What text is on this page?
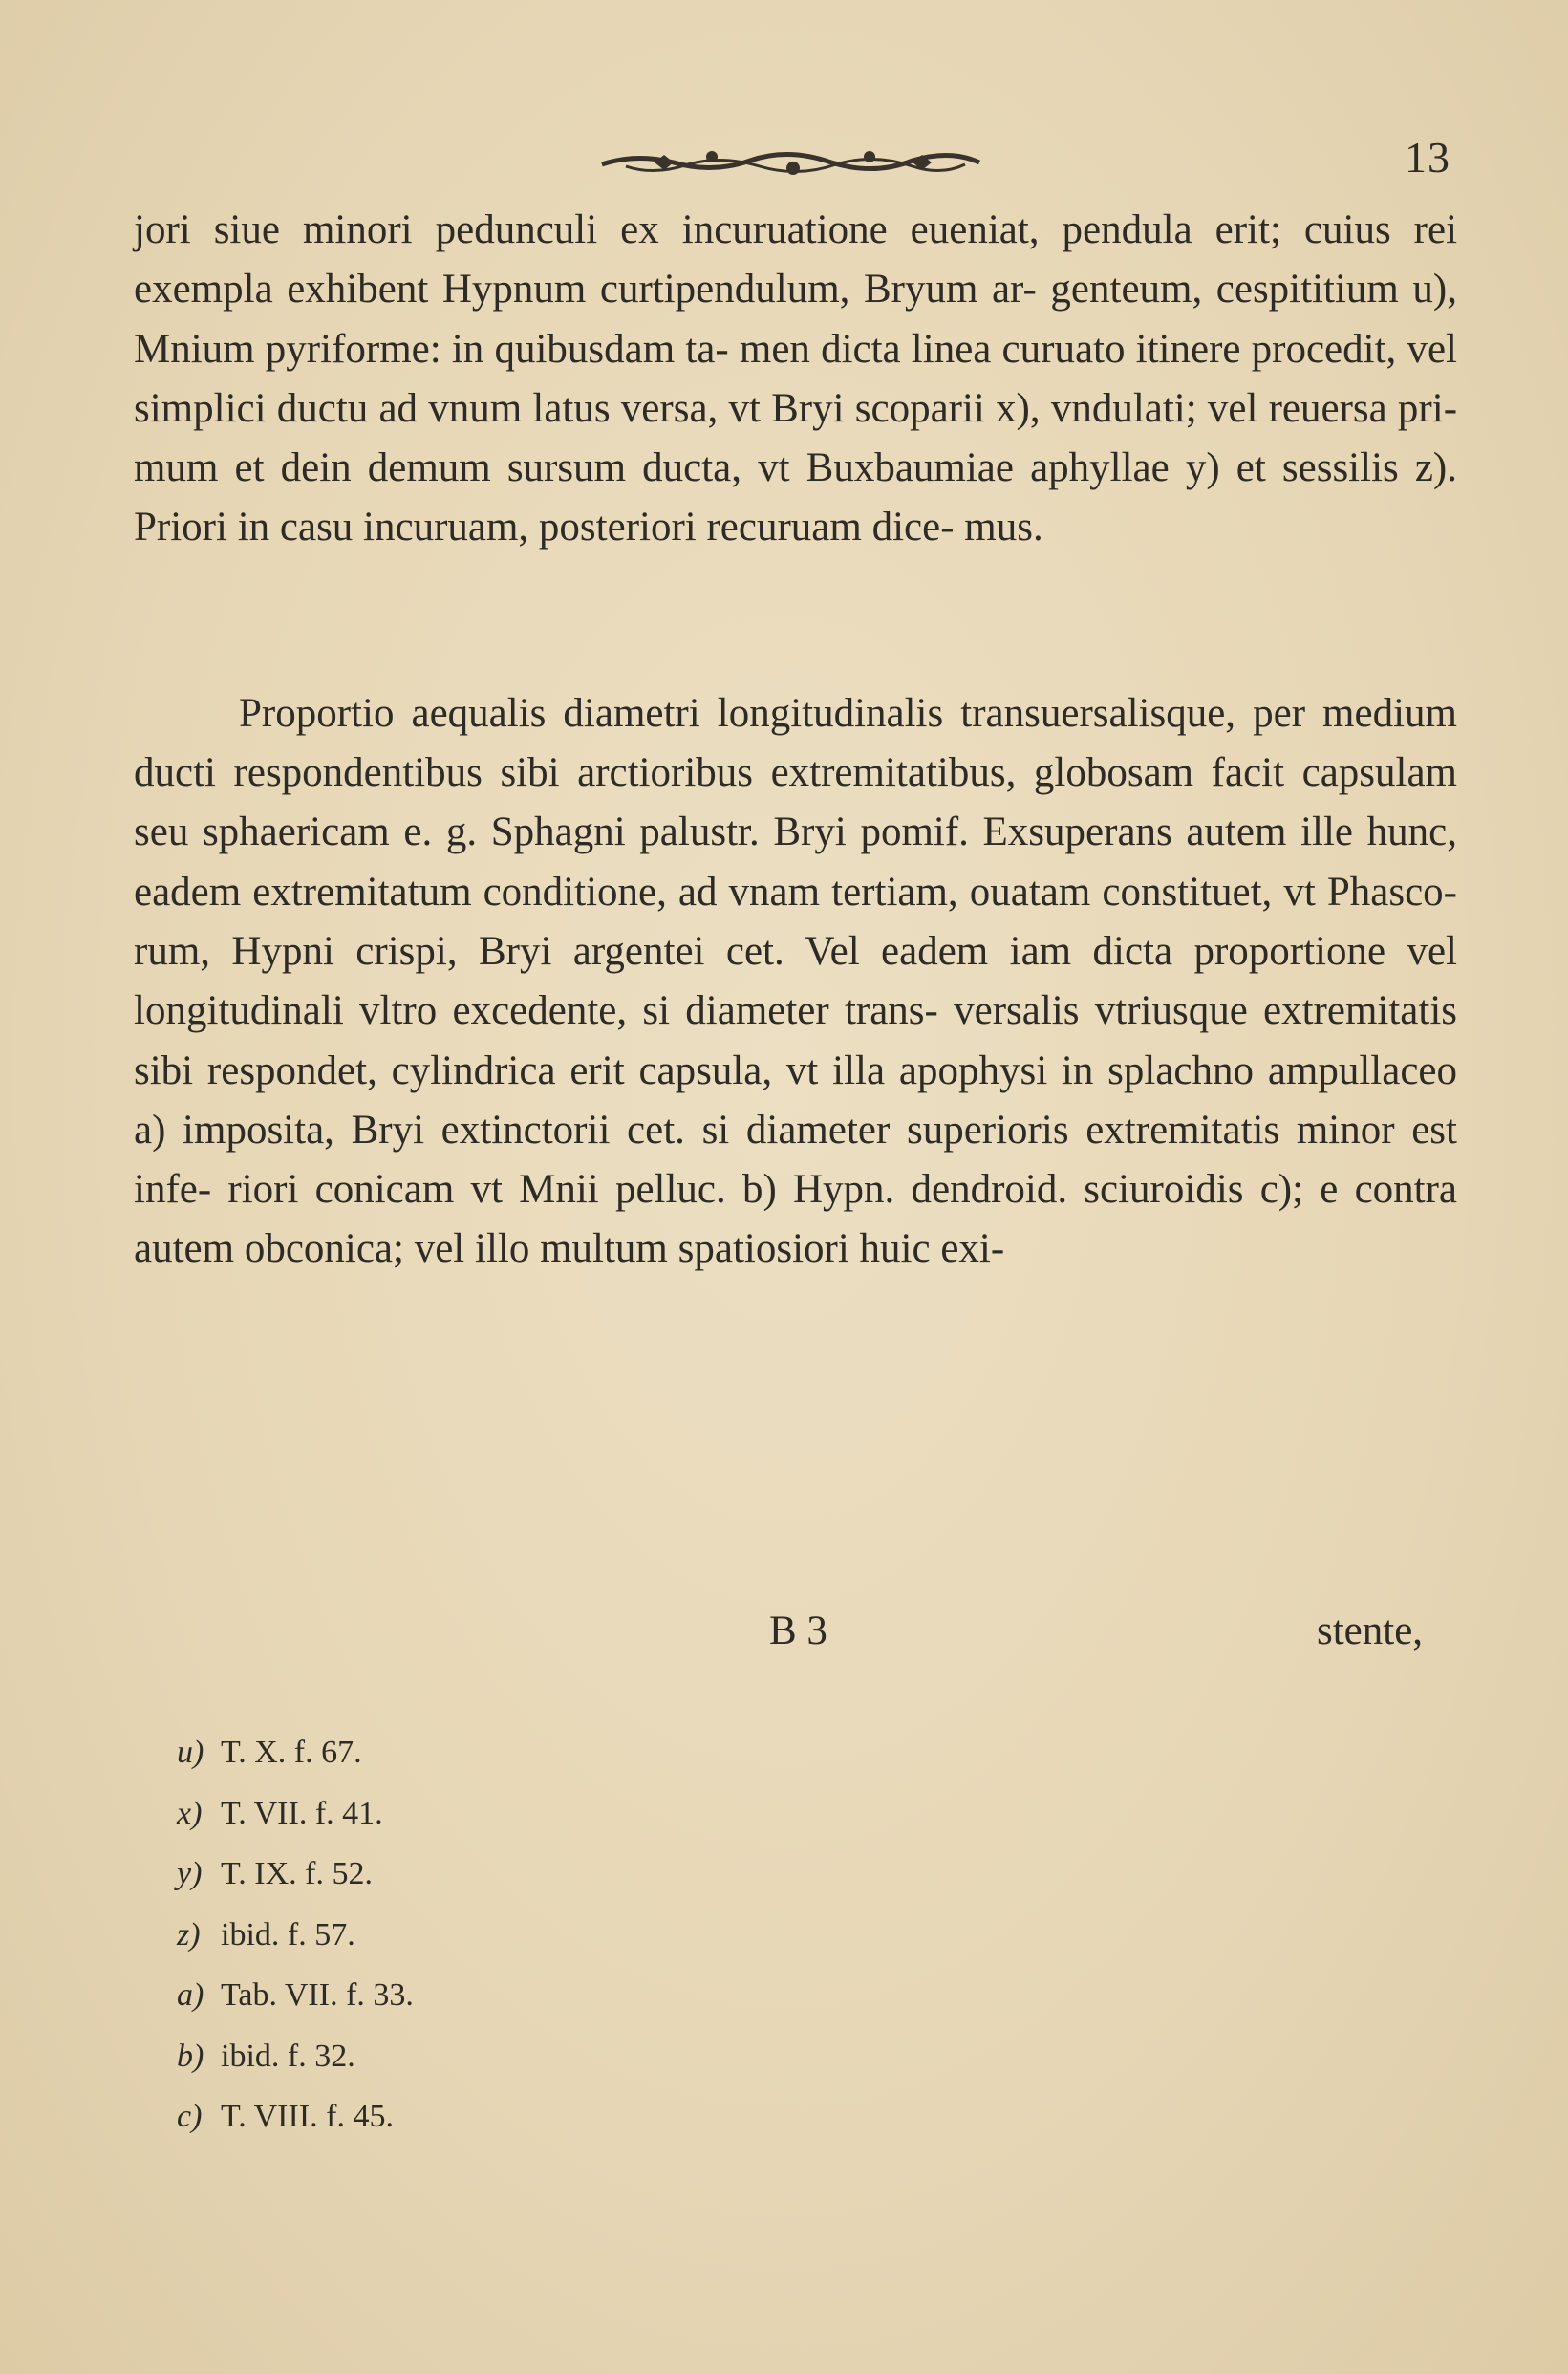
13

jori siue minori pedunculi ex incuruatione eueniat, pendula erit; cuius rei exempla exhibent Hypnum curtipendulum, Bryum ar- genteum, cespititium u), Mnium pyriforme: in quibusdam ta- men dicta linea curuato itinere procedit, vel simplici ductu ad vnum latus versa, vt Bryi scoparii x), vndulati; vel reuersa pri- mum et dein demum sursum ducta, vt Buxbaumiae aphyllae y) et sessilis z). Priori in casu incuruam, posteriori recuruam dice- mus.

Proportio aequalis diametri longitudinalis transuersalisque, per medium ducti respondentibus sibi arctioribus extremitatibus, globosam facit capsulam seu sphaericam e. g. Sphagni palustr. Bryi pomif. Exsuperans autem ille hunc, eadem extremitatum conditione, ad vnam tertiam, ouatam constituet, vt Phasco- rum, Hypni crispi, Bryi argentei cet. Vel eadem iam dicta proportione vel longitudinali vltro excedente, si diameter trans- versalis vtriusque extremitatis sibi respondet, cylindrica erit capsula, vt illa apophysi in splachno ampullaceo a) imposita, Bryi extinctorii cet. si diameter superioris extremitatis minor est infe- riori conicam vt Mnii pelluc. b) Hypn. dendroid. sciuroidis c); e contra autem obconica; vel illo multum spatiosiori huic exi-

B 3	stente,
u) T. X. f. 67.
x) T. VII. f. 41.
y) T. IX. f. 52.
z) ibid. f. 57.
a) Tab. VII. f. 33.
b) ibid. f. 32.
c) T. VIII. f. 45.
